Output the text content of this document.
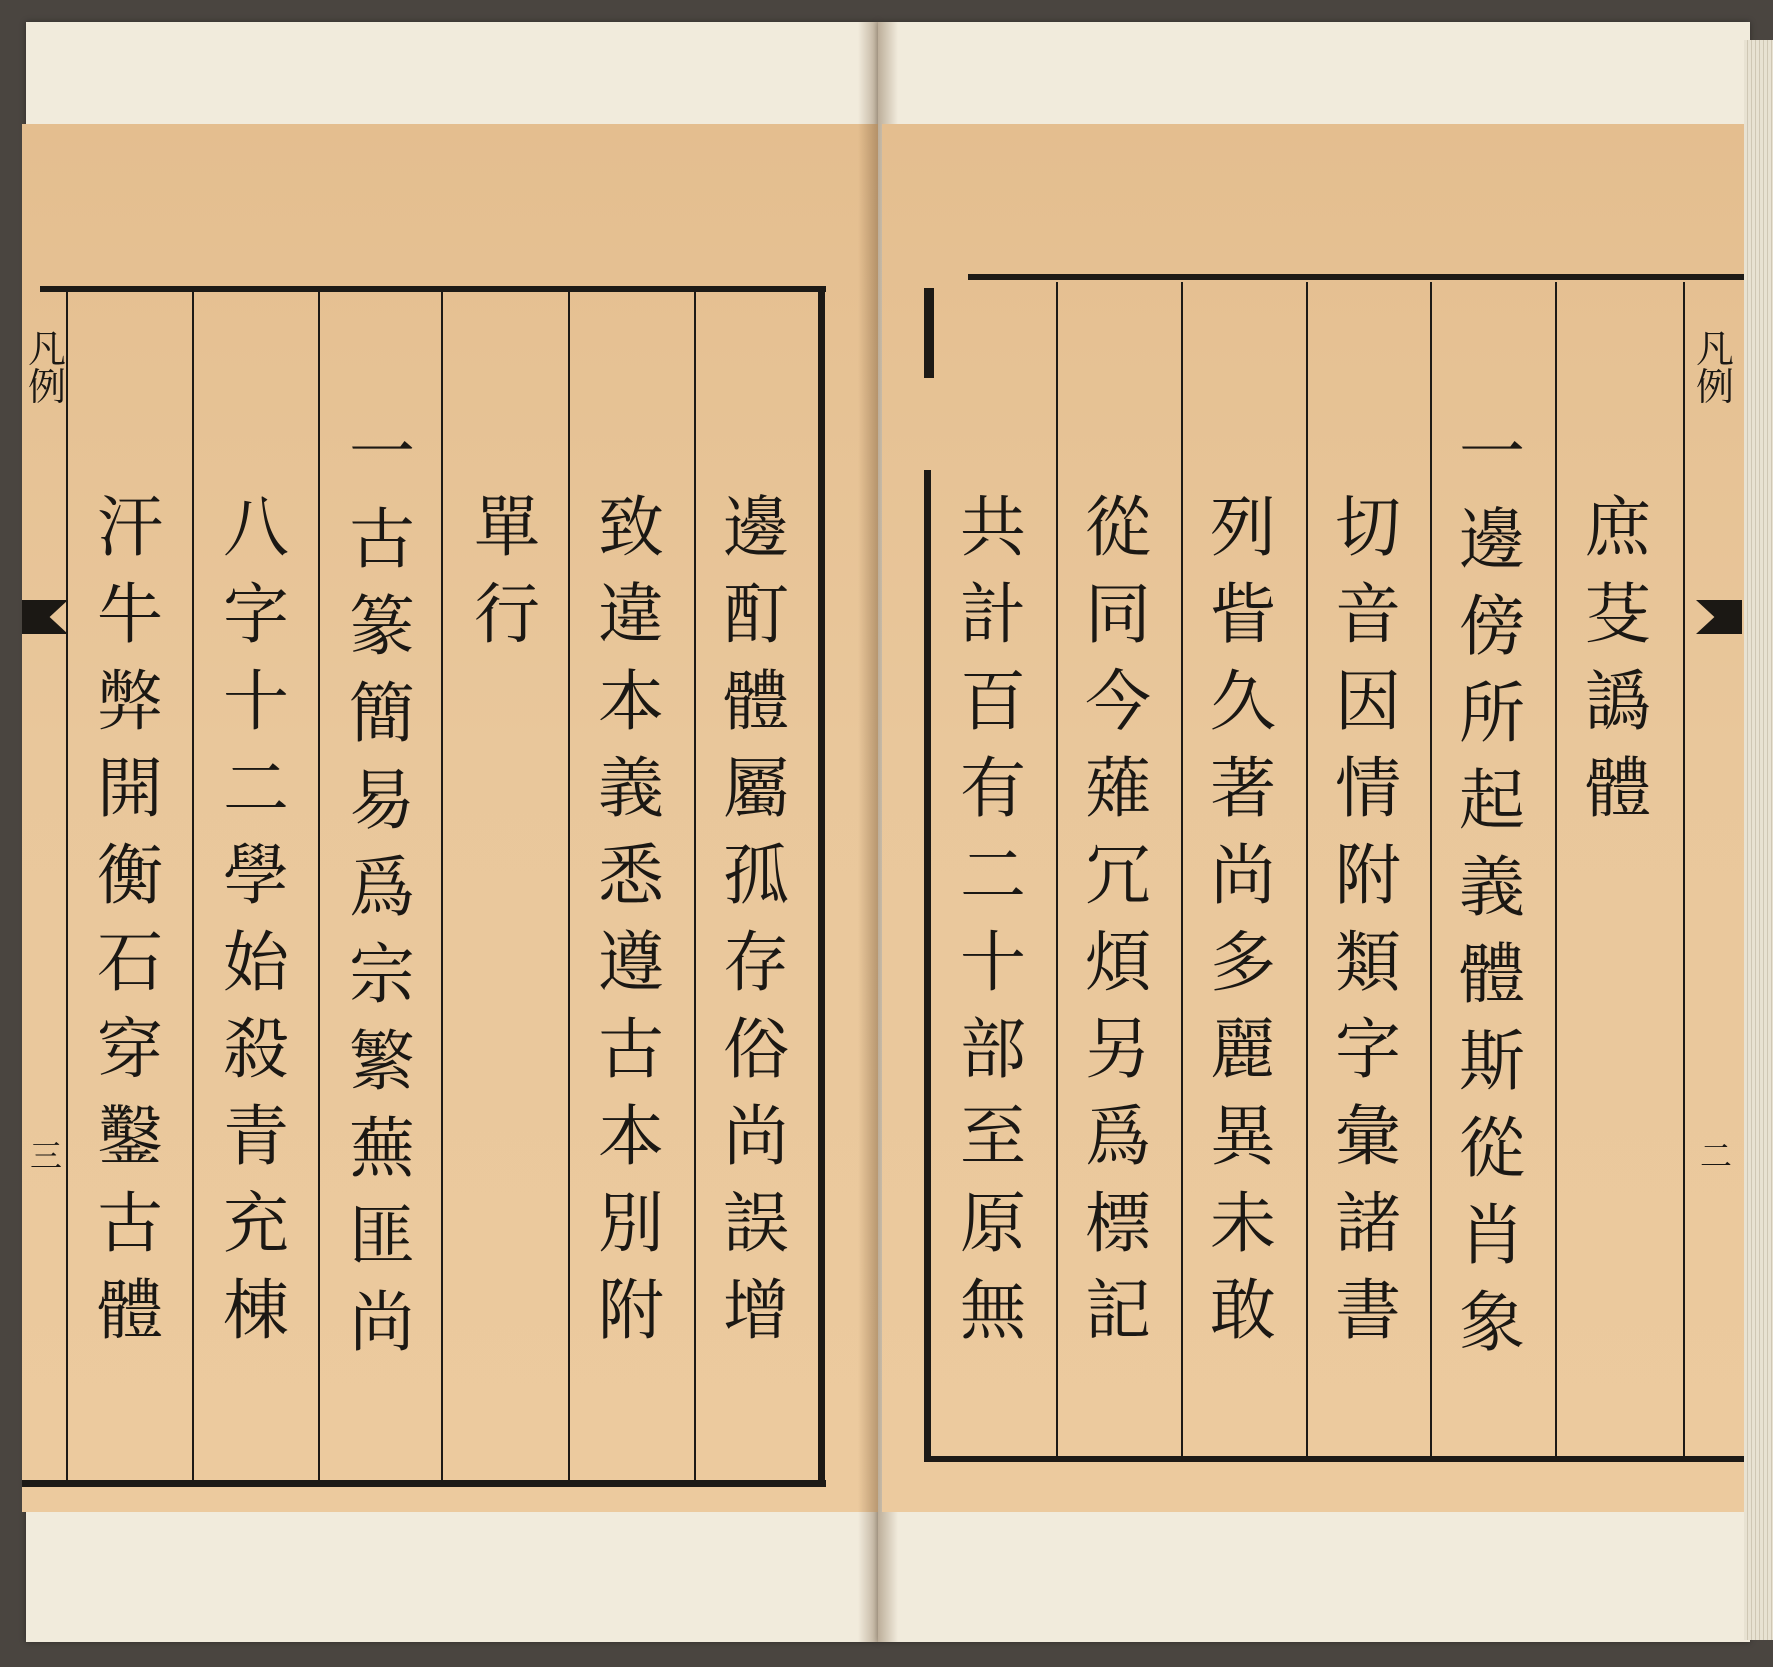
凡例
三
邊
酊
體
屬
孤
存
俗
尚
誤
增
致
違
本
義
悉
遵
古
本
別
附
單
行
一
古
篆
簡
易
爲
宗
繁
蕪
匪
尚
八
字
十
二
學
始
殺
青
充
棟
汗
牛
弊
開
衡
石
穿
鑿
古
體
庶
芟
譌
體
一
邊
傍
所
起
義
體
斯
從
肖
象
切
音
因
情
附
類
字
彙
諸
書
列
眥
久
著
尚
多
麗
異
未
敢
從
同
今
薙
冗
煩
另
爲
標
記
共
計
百
有
二
十
部
至
原
無
凡例
二
